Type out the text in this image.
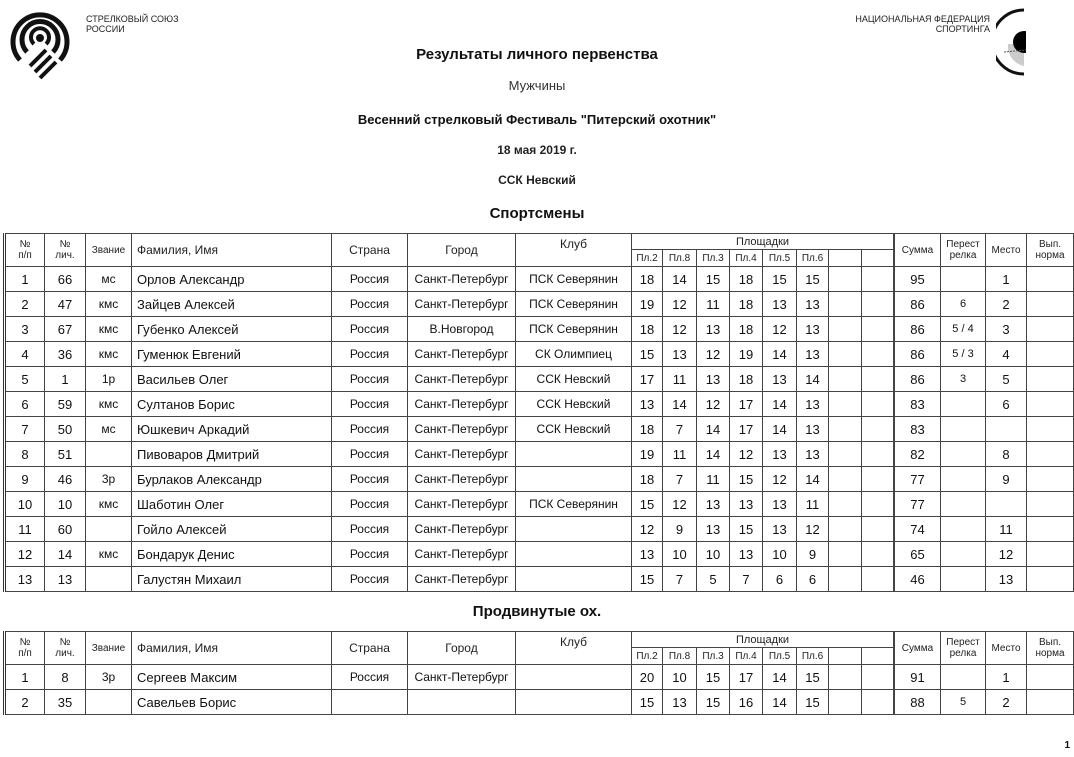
СТРЕЛКОВЫЙ СОЮЗ
РОССИИ
НАЦИОНАЛЬНАЯ ФЕДЕРАЦИЯ
СПОРТИНГА
Результаты личного первенства
Мужчины
Весенний стрелковый Фестиваль "Питерский охотник"
18 мая 2019 г.
ССК Невский
Спортсмены
Продвинутые ох.
№
п/п

№
лич.	Звание	Фамилия, Имя	Страна	Город	Клуб	Площадки		Сумма	Перест
релка	Место	Вып.
норма

							Пл.2	Пл.8	Пл.3	Пл.4	Пл.5	Пл.6						
1	66	мс	Орлов Александр	Россия	Санкт-Петербург	ПСК Северянин	18	14	15	18	15	15				95		1	
2	47	кмс	Зайцев Алексей	Россия	Санкт-Петербург	ПСК Северянин	19	12	11	18	13	13				86	6	2	
3	67	кмс	Губенко Алексей	Россия	В.Новгород	ПСК Северянин	18	12	13	18	12	13				86	5 / 4	3	
4	36	кмс	Гуменюк Евгений	Россия	Санкт-Петербург	СК Олимпиец	15	13	12	19	14	13				86	5 / 3	4	
5	1	1р	Васильев Олег	Россия	Санкт-Петербург	ССК Невский	17	11	13	18	13	14				86	3	5	
6	59	кмс	Султанов Борис	Россия	Санкт-Петербург	ССК Невский	13	14	12	17	14	13				83		6	
7	50	мс	Юшкевич Аркадий	Россия	Санкт-Петербург	ССК Невский	18	7	14	17	14	13				83			
8	51		Пивоваров Дмитрий	Россия	Санкт-Петербург		19	11	14	12	13	13				82		8	
9	46	3р	Бурлаков Александр	Россия	Санкт-Петербург		18	7	11	15	12	14				77		9	
10	10	кмс	Шаботин Олег	Россия	Санкт-Петербург	ПСК Северянин	15	12	13	13	13	11				77			
11	60		Гойло Алексей	Россия	Санкт-Петербург		12	9	13	15	13	12				74		11	
12	14	кмс	Бондарук Денис	Россия	Санкт-Петербург		13	10	10	13	10	9				65		12	
13	13		Галустян Михаил	Россия	Санкт-Петербург		15	7	5	7	6	6				46		13	
№
п/п

№
лич.	Звание	Фамилия, Имя	Страна	Город	Клуб	Площадки		Сумма	Перест
релка	Место	Вып.
норма

							Пл.2	Пл.8	Пл.3	Пл.4	Пл.5	Пл.6						
1	8	3р	Сергеев Максим	Россия	Санкт-Петербург		20	10	15	17	14	15				91		1	
2	35		Савельев Борис				15	13	15	16	14	15				88	5	2	
1
